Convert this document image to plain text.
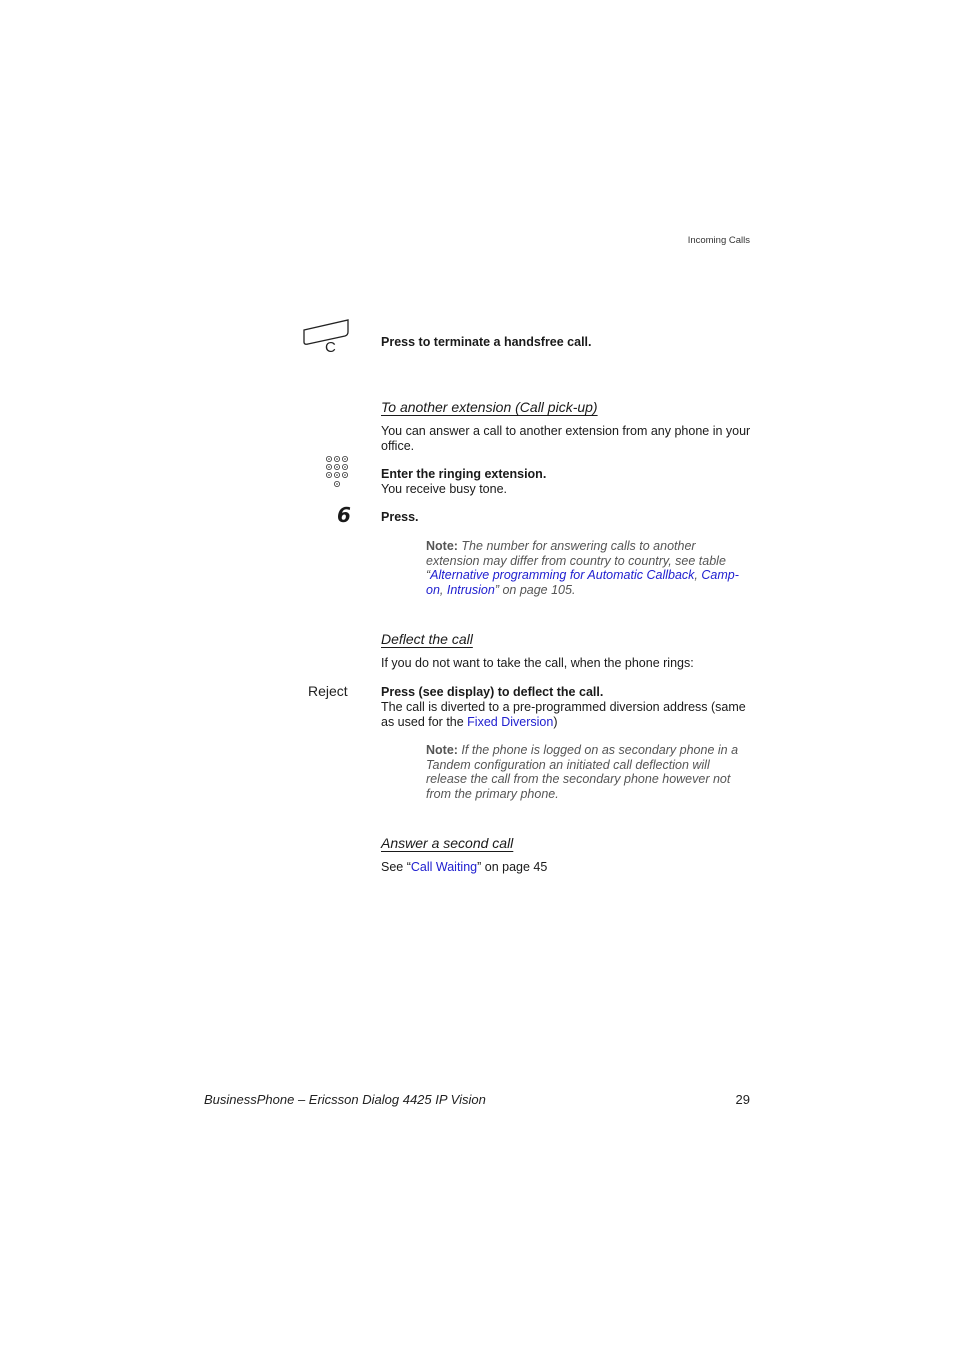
Incoming Calls
C	Press to terminate a handsfree call.
To another extension (Call pick-up)
You can answer a call to another extension from any phone in your office.
Enter the ringing extension.
You receive busy tone.
6 Press.
Note: The number for answering calls to another extension may differ from country to country, see table “Alternative programming for Automatic Callback, Camp-on, Intrusion” on page 105.
Deflect the call
If you do not want to take the call, when the phone rings:
Reject	Press (see display) to deflect the call.
The call is diverted to a pre-programmed diversion address (same as used for the Fixed Diversion)
Note: If the phone is logged on as secondary phone in a Tandem configuration an initiated call deflection will release the call from the secondary phone however not from the primary phone.
Answer a second call
See “Call Waiting” on page 45
BusinessPhone – Ericsson Dialog 4425 IP Vision	29
